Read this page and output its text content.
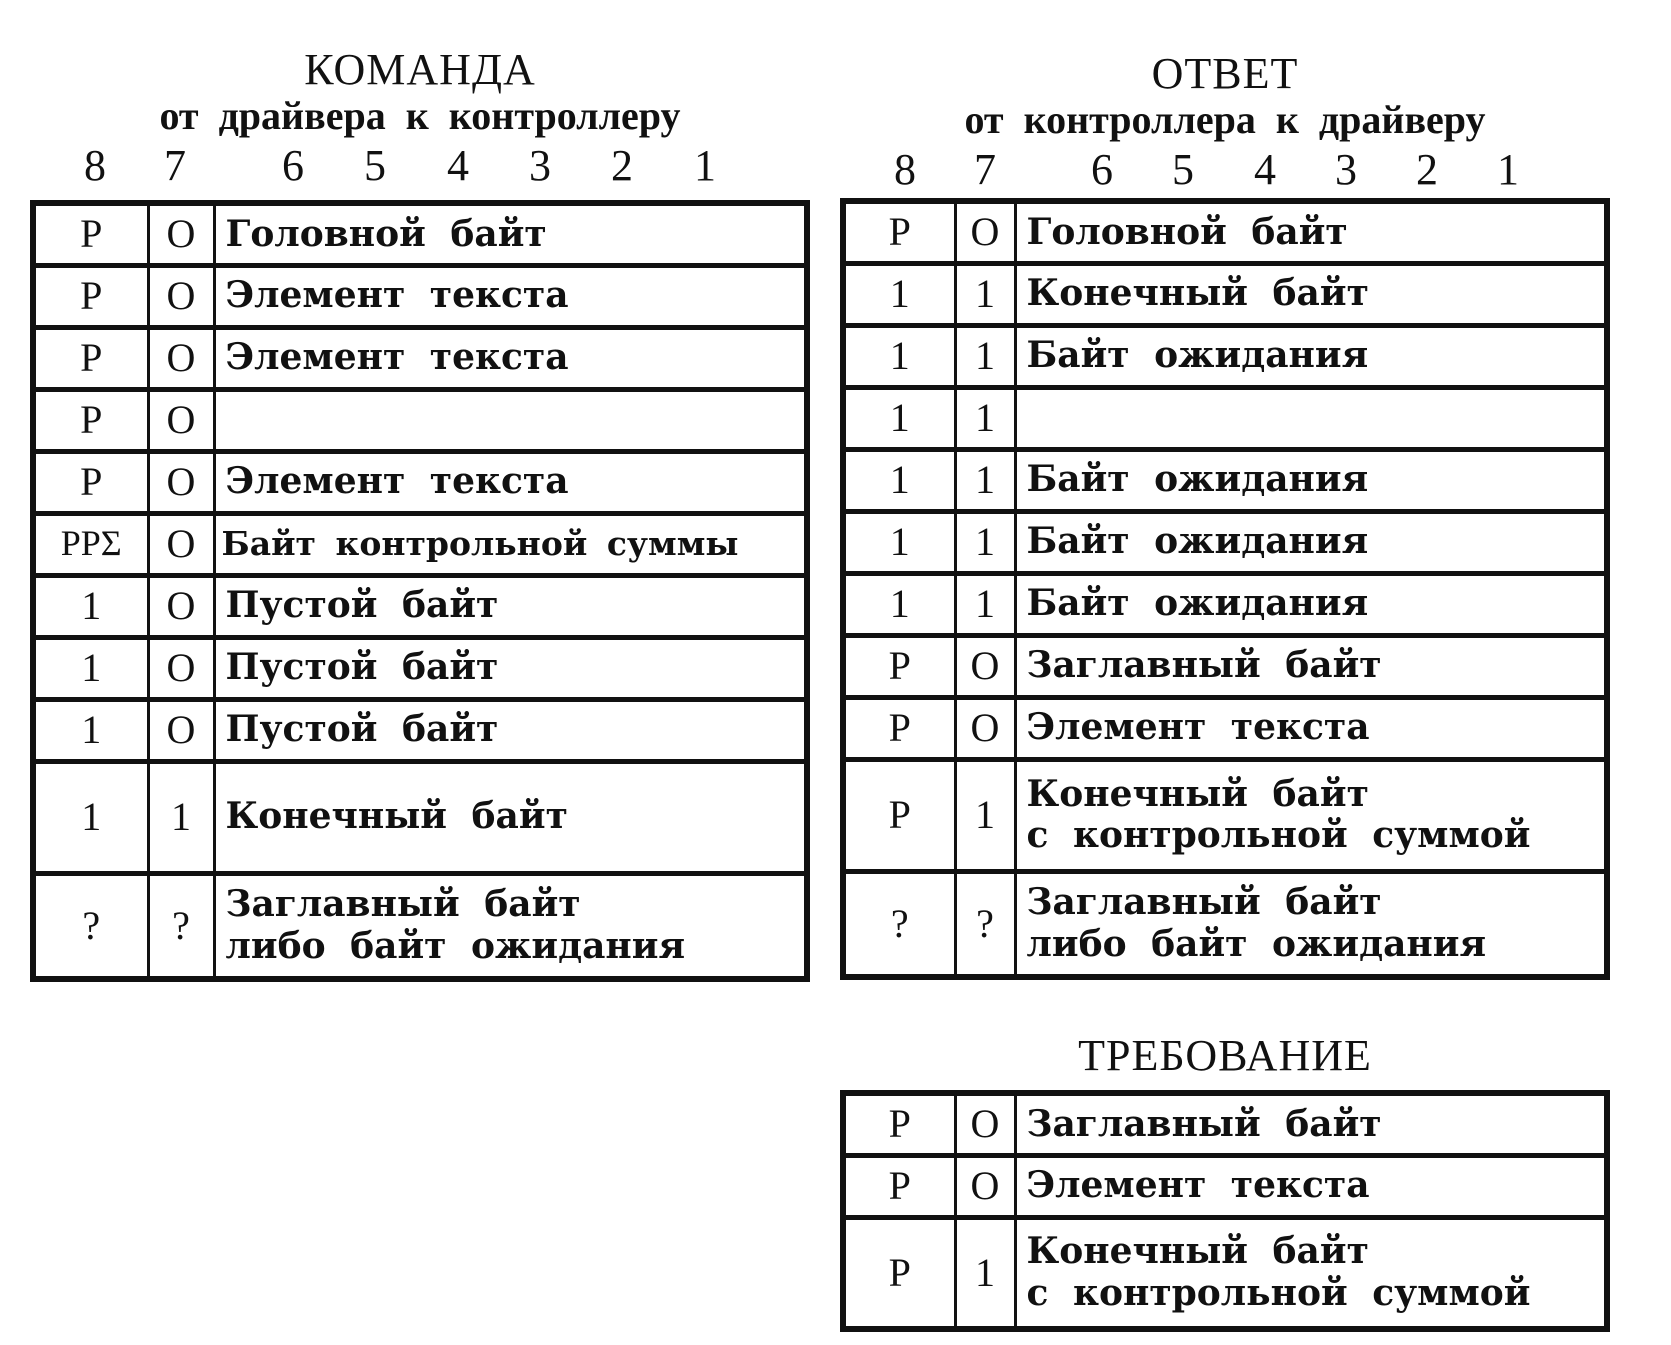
КОМАНДА
от драйвера к контроллеру
8 7 6 5 4 3 2 1
Р	О	Головной байт
Р	О	Элемент текста
Р	О	Элемент текста
Р	О	
Р	О	Элемент текста
РРΣ	О	Байт контрольной суммы
1	О	Пустой байт
1	О	Пустой байт
1	О	Пустой байт
1	1	Конечный байт
?	?	Заглавный байт
либо байт ожидания
ОТВЕТ
от контроллера к драйверу
8 7 6 5 4 3 2 1
Р	О	Головной байт
1	1	Конечный байт
1	1	Байт ожидания
1	1	
1	1	Байт ожидания
1	1	Байт ожидания
1	1	Байт ожидания
Р	О	Заглавный байт
Р	О	Элемент текста
Р	1	Конечный байт
с контрольной суммой

?	?	Заглавный байт
либо байт ожидания
ТРЕБОВАНИЕ
Р	О	Заглавный байт
Р	О	Элемент текста
Р	1	Конечный байт
с контрольной суммой
